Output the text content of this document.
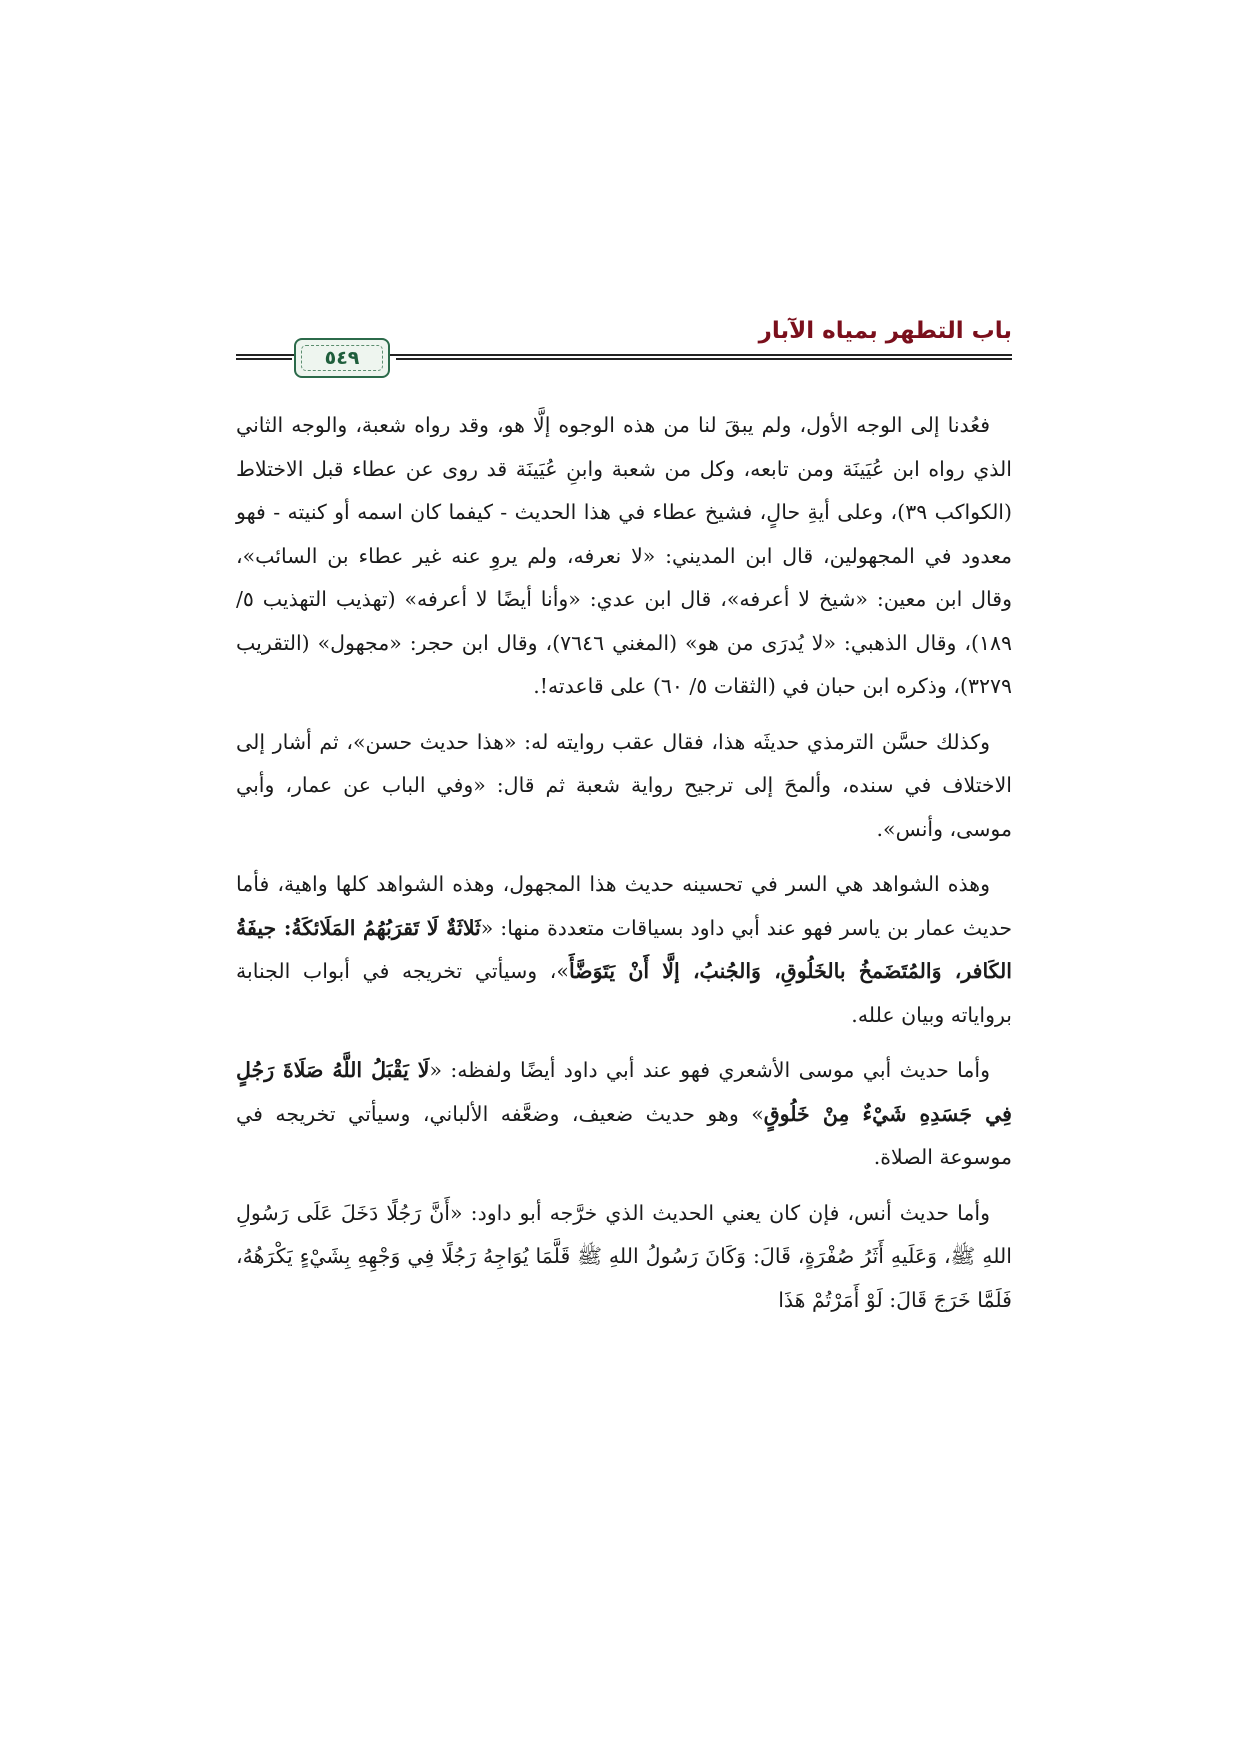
باب التطهر بمياه الآبار
٥٤٩

فعُدنا إلى الوجه الأول، ولم يبقَ لنا من هذه الوجوه إلَّا هو، وقد رواه شعبة، والوجه الثاني الذي رواه ابن عُيَينَة ومن تابعه، وكل من شعبة وابنِ عُيَينَة قد روى عن عطاء قبل الاختلاط (الكواكب ٣٩)، وعلى أيةِ حالٍ، فشيخ عطاء في هذا الحديث - كيفما كان اسمه أو كنيته - فهو معدود في المجهولين، قال ابن المديني: «لا نعرفه، ولم يروِ عنه غير عطاء بن السائب»، وقال ابن معين: «شيخ لا أعرفه»، قال ابن عدي: «وأنا أيضًا لا أعرفه» (تهذيب التهذيب ٥/ ١٨٩)، وقال الذهبي: «لا يُدرَى من هو» (المغني ٧٦٤٦)، وقال ابن حجر: «مجهول» (التقريب ٣٢٧٩)، وذكره ابن حبان في (الثقات ٥/ ٦٠) على قاعدته!.

وكذلك حسَّن الترمذي حديثَه هذا، فقال عقب روايته له: «هذا حديث حسن»، ثم أشار إلى الاختلاف في سنده، وألمحَ إلى ترجيح رواية شعبة ثم قال: «وفي الباب عن عمار، وأبي موسى، وأنس».

وهذه الشواهد هي السر في تحسينه حديث هذا المجهول، وهذه الشواهد كلها واهية، فأما حديث عمار بن ياسر فهو عند أبي داود بسياقات متعددة منها: «ثَلاثَةٌ لَا تَقرَبُهُمُ المَلَائكَةُ: جيفَةُ الكَافر، وَالمُتَضَمخُ بالخَلُوقِ، وَالجُنبُ، إلَّا أَنْ يَتَوَضَّأَ»، وسيأتي تخريجه في أبواب الجنابة برواياته وبيان علله.

وأما حديث أبي موسى الأشعري فهو عند أبي داود أيضًا ولفظه: «لَا يَقْبَلُ اللَّهُ صَلَاةَ رَجُلٍ فِي جَسَدِهِ شَيْءٌ مِنْ خَلُوقٍ» وهو حديث ضعيف، وضعَّفه الألباني، وسيأتي تخريجه في موسوعة الصلاة.

وأما حديث أنس، فإن كان يعني الحديث الذي خرَّجه أبو داود: «أَنَّ رَجُلًا دَخَلَ عَلَى رَسُولِ اللهِ ﷺ، وَعَلَيهِ أَثَرُ صُفْرَةٍ، قَالَ: وَكَانَ رَسُولُ اللهِ ﷺ قَلَّمَا يُوَاجِهُ رَجُلًا فِي وَجْهِهِ بِشَيْءٍ يَكْرَهُهُ، فَلَمَّا خَرَجَ قَالَ: لَوْ أَمَرْتُمْ هَذَا
